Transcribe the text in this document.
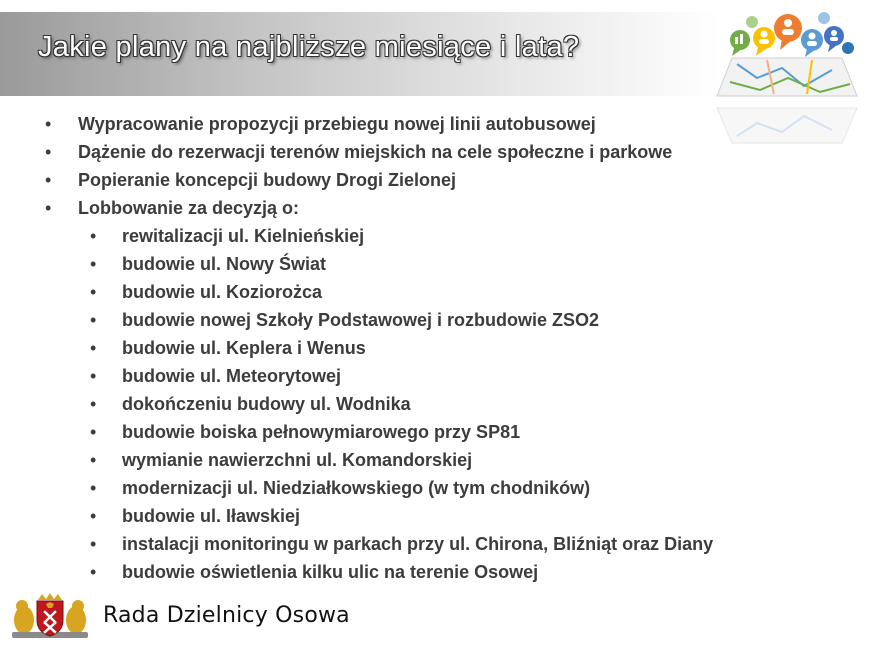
Jakie plany na najbliższe miesiące i lata?
• Wypracowanie propozycji przebiegu nowej linii autobusowej
• Dążenie do rezerwacji terenów miejskich na cele społeczne i parkowe
• Popieranie koncepcji budowy Drogi Zielonej
• Lobbowanie za decyzją o:
• rewitalizacji ul. Kielnieńskiej
• budowie ul. Nowy Świat
• budowie ul. Koziorożca
• budowie nowej Szkoły Podstawowej i rozbudowie ZSO2
• budowie ul. Keplera i Wenus
• budowie ul. Meteorytowej
• dokończeniu budowy ul. Wodnika
• budowie boiska pełnowymiarowego przy SP81
• wymianie nawierzchni ul. Komandorskiej
• modernizacji ul. Niedziałkowskiego (w tym chodników)
• budowie ul. Iławskiej
• instalacji monitoringu w parkach przy ul. Chirona, Bliźniąt oraz Diany
• budowie oświetlenia kilku ulic na terenie Osowej
Rada Dzielnicy Osowa
